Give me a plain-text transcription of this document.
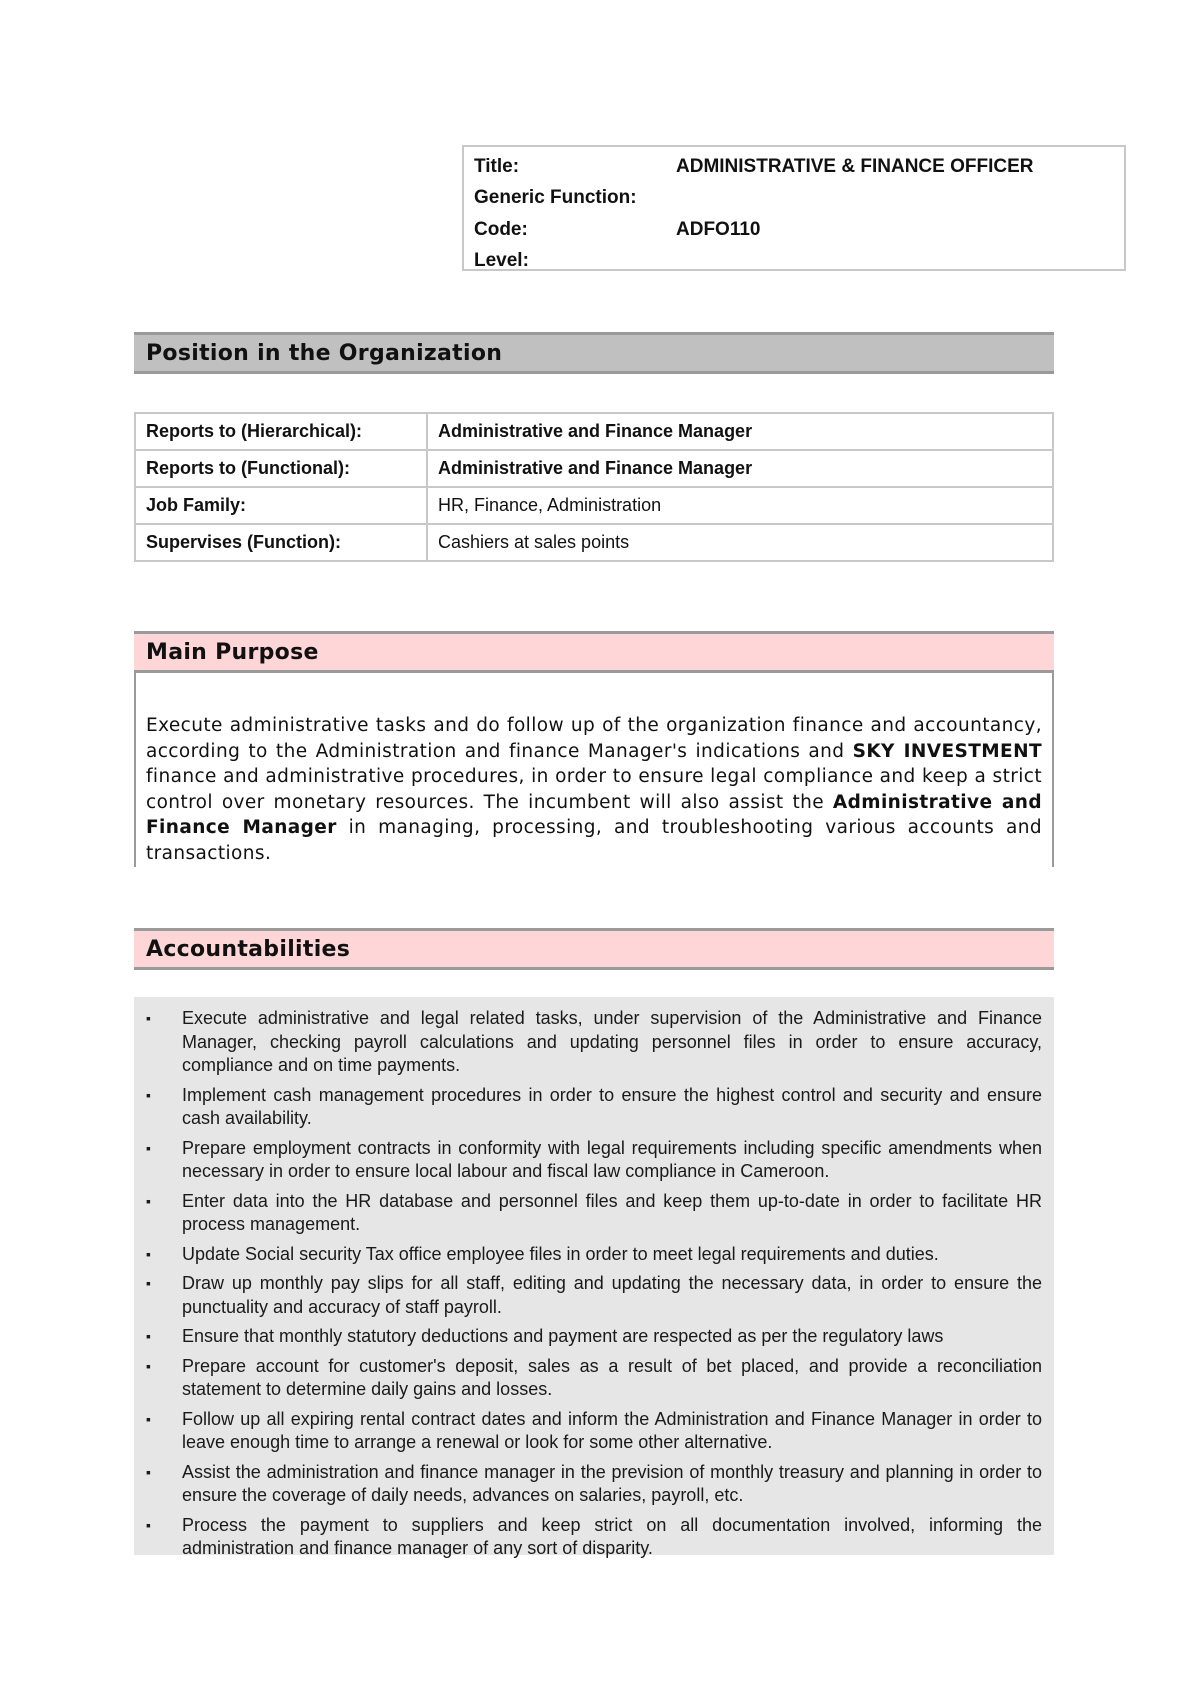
Title:	ADMINISTRATIVE & FINANCE OFFICER
Generic Function:
Code:	ADFO110
Level:
Position in the Organization
Reports to (Hierarchical):	Administrative and Finance Manager
Reports to (Functional):	Administrative and Finance Manager
Job Family:	HR, Finance, Administration
Supervises (Function):	Cashiers at sales points
Main Purpose

Execute administrative tasks and do follow up of the organization finance and accountancy, according to the Administration and finance Manager's indications and SKY INVESTMENT finance and administrative procedures, in order to ensure legal compliance and keep a strict control over monetary resources. The incumbent will also assist the Administrative and Finance Manager in managing, processing, and troubleshooting various accounts and transactions.

Accountabilities
▪ Execute administrative and legal related tasks, under supervision of the Administrative and Finance Manager, checking payroll calculations and updating personnel files in order to ensure accuracy, compliance and on time payments.
▪ Implement cash management procedures in order to ensure the highest control and security and ensure cash availability.
▪ Prepare employment contracts in conformity with legal requirements including specific amendments when necessary in order to ensure local labour and fiscal law compliance in Cameroon.
▪ Enter data into the HR database and personnel files and keep them up-to-date in order to facilitate HR process management.
▪ Update Social security Tax office employee files in order to meet legal requirements and duties.
▪ Draw up monthly pay slips for all staff, editing and updating the necessary data, in order to ensure the punctuality and accuracy of staff payroll.
▪ Ensure that monthly statutory deductions and payment are respected as per the regulatory laws
▪ Prepare account for customer's deposit, sales as a result of bet placed, and provide a reconciliation statement to determine daily gains and losses.
▪ Follow up all expiring rental contract dates and inform the Administration and Finance Manager in order to leave enough time to arrange a renewal or look for some other alternative.
▪ Assist the administration and finance manager in the prevision of monthly treasury and planning in order to ensure the coverage of daily needs, advances on salaries, payroll, etc.
▪ Process the payment to suppliers and keep strict on all documentation involved, informing the administration and finance manager of any sort of disparity.
